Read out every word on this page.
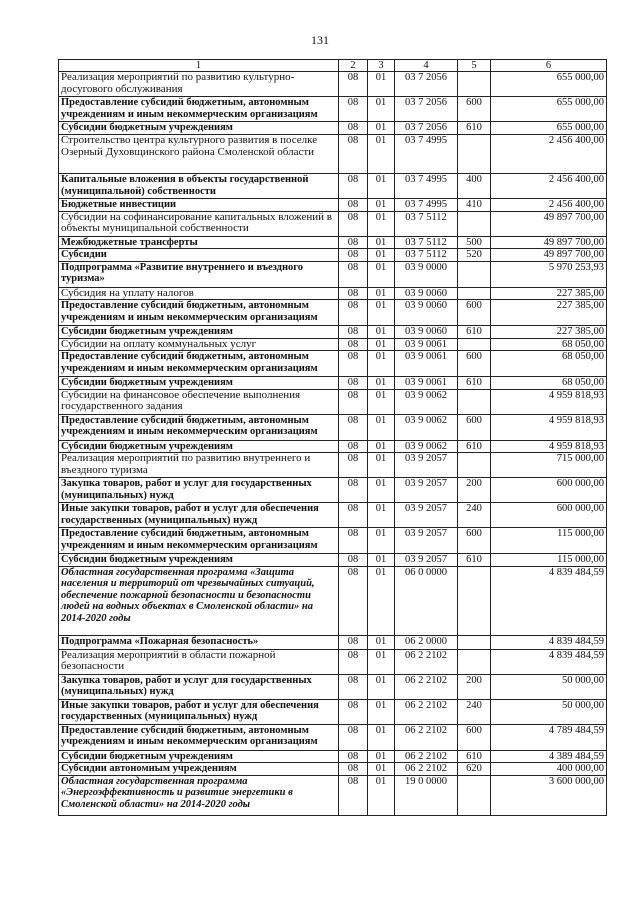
131
1	2	3	4	5	6
Реализация мероприятий по развитию культурно-досугового обслуживания	08	01	03 7 2056		655 000,00
Предоставление субсидий бюджетным, автономным учреждениям и иным некоммерческим организациям	08	01	03 7 2056	600	655 000,00
Субсидии бюджетным учреждениям	08	01	03 7 2056	610	655 000,00
Строительство центра культурного развития в поселке Озерный Духовщинского района Смоленской области	08	01	03 7 4995		2 456 400,00
Капитальные вложения в объекты государственной (муниципальной) собственности	08	01	03 7 4995	400	2 456 400,00
Бюджетные инвестиции	08	01	03 7 4995	410	2 456 400,00
Субсидии на софинансирование капитальных вложений в объекты муниципальной собственности	08	01	03 7 5112		49 897 700,00
Межбюджетные трансферты	08	01	03 7 5112	500	49 897 700,00
Субсидии	08	01	03 7 5112	520	49 897 700,00
Подпрограмма «Развитие внутреннего и въездного туризма»	08	01	03 9 0000		5 970 253,93
Субсидия на уплату налогов	08	01	03 9 0060		227 385,00
Предоставление субсидий бюджетным, автономным учреждениям и иным некоммерческим организациям	08	01	03 9 0060	600	227 385,00
Субсидии бюджетным учреждениям	08	01	03 9 0060	610	227 385,00
Субсидии на оплату коммунальных услуг	08	01	03 9 0061		68 050,00
Предоставление субсидий бюджетным, автономным учреждениям и иным некоммерческим организациям	08	01	03 9 0061	600	68 050,00
Субсидии бюджетным учреждениям	08	01	03 9 0061	610	68 050,00
Субсидии на финансовое обеспечение выполнения государственного задания	08	01	03 9 0062		4 959 818,93
Предоставление субсидий бюджетным, автономным учреждениям и иным некоммерческим организациям	08	01	03 9 0062	600	4 959 818,93
Субсидии бюджетным учреждениям	08	01	03 9 0062	610	4 959 818,93
Реализация мероприятий по развитию внутреннего и въездного туризма	08	01	03 9 2057		715 000,00
Закупка товаров, работ и услуг для государственных (муниципальных) нужд	08	01	03 9 2057	200	600 000,00
Иные закупки товаров, работ и услуг для обеспечения государственных (муниципальных) нужд	08	01	03 9 2057	240	600 000,00
Предоставление субсидий бюджетным, автономным учреждениям и иным некоммерческим организациям	08	01	03 9 2057	600	115 000,00
Субсидии бюджетным учреждениям	08	01	03 9 2057	610	115 000,00
Областная государственная программа «Защита населения и территорий от чрезвычайных ситуаций, обеспечение пожарной безопасности и безопасности людей на водных объектах в Смоленской области» на 2014-2020 годы	08	01	06 0 0000		4 839 484,59
Подпрограмма «Пожарная безопасность»	08	01	06 2 0000		4 839 484,59
Реализация мероприятий в области пожарной безопасности	08	01	06 2 2102		4 839 484,59
Закупка товаров, работ и услуг для государственных (муниципальных) нужд	08	01	06 2 2102	200	50 000,00
Иные закупки товаров, работ и услуг для обеспечения государственных (муниципальных) нужд	08	01	06 2 2102	240	50 000,00
Предоставление субсидий бюджетным, автономным учреждениям и иным некоммерческим организациям	08	01	06 2 2102	600	4 789 484,59
Субсидии бюджетным учреждениям	08	01	06 2 2102	610	4 389 484,59
Субсидии автономным учреждениям	08	01	06 2 2102	620	400 000,00
Областная государственная программа «Энергоэффективность и развитие энергетики в Смоленской области» на 2014-2020 годы	08	01	19 0 0000		3 600 000,00
